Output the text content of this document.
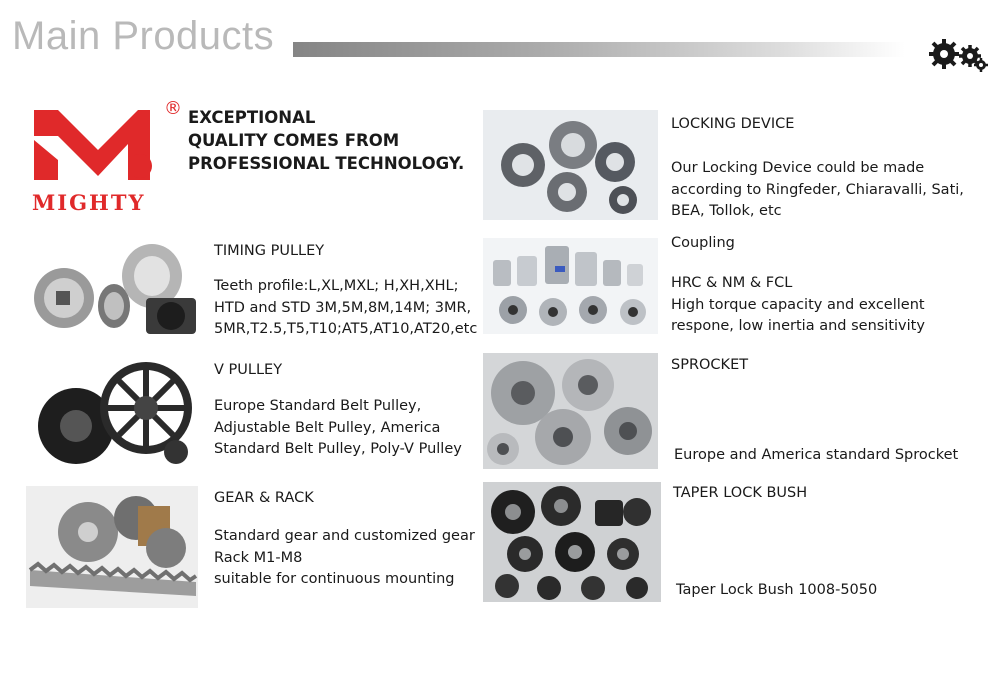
Main Products
®
MIGHTY

EXCEPTIONAL
QUALITY COMES FROM
PROFESSIONAL TECHNOLOGY.

TIMING PULLEY

Teeth profile:L,XL,MXL; H,XH,XHL;
HTD and STD 3M,5M,8M,14M; 3MR,
5MR,T2.5,T5,T10;AT5,AT10,AT20,etc

V PULLEY

Europe Standard Belt Pulley,
Adjustable Belt Pulley, America
Standard Belt Pulley, Poly-V Pulley

GEAR & RACK

Standard gear and customized gear
Rack M1-M8
suitable for continuous mounting

LOCKING DEVICE

Our Locking Device could be made
according to Ringfeder, Chiaravalli, Sati,
BEA, Tollok, etc

Coupling

HRC & NM & FCL
High torque capacity and excellent
respone, low inertia and sensitivity

SPROCKET

Europe and America standard Sprocket

TAPER LOCK BUSH

Taper Lock Bush 1008-5050
